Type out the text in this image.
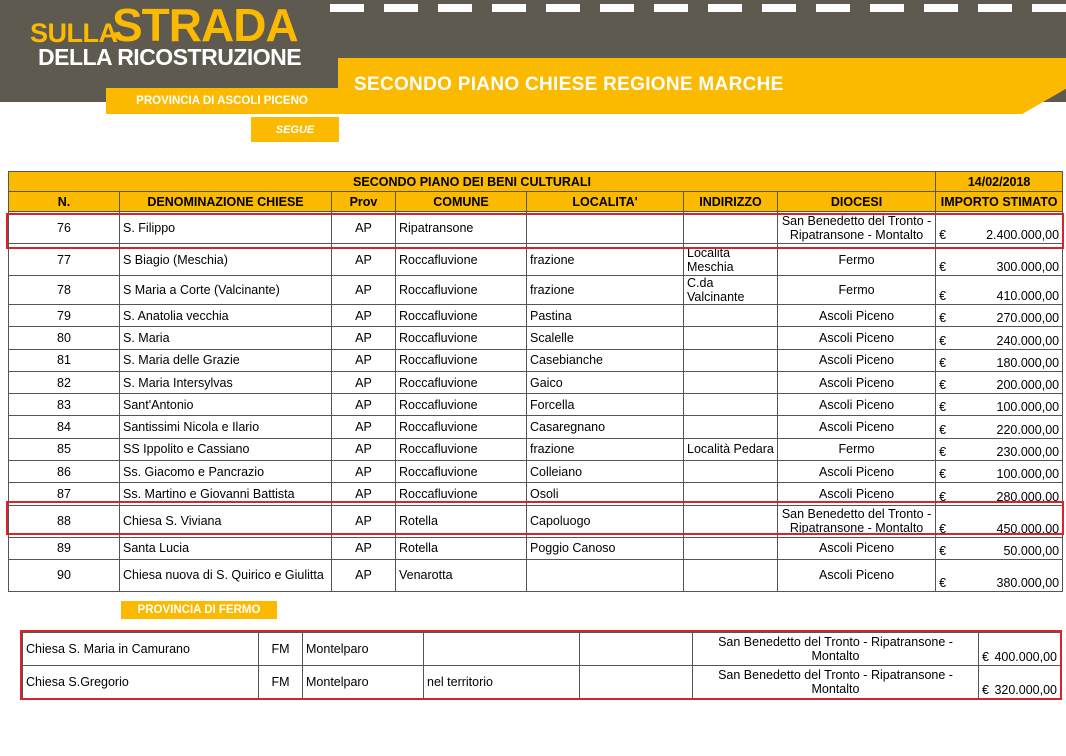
SECONDO PIANO CHIESE REGIONE MARCHE
SULLA
STRADA
DELLA RICOSTRUZIONE
PROVINCIA DI ASCOLI PICENO
SEGUE
SECONDO PIANO DEI BENI CULTURALI							14/02/2018
N.	DENOMINAZIONE CHIESE	Prov	COMUNE	LOCALITA'	INDIRIZZO	DIOCESI	IMPORTO STIMATO
76	S. Filippo	AP	Ripatransone			San Benedetto del Tronto - Ripatransone - Montalto	€ 2.400.000,00

77	S Biagio (Meschia)	AP	Roccafluvione	frazione	Località Meschia	Fermo	€ 300.000,00

78	S Maria a Corte (Valcinante)	AP	Roccafluvione	frazione	C.da Valcinante	Fermo	€ 410.000,00

79	S. Anatolia vecchia	AP	Roccafluvione	Pastina		Ascoli Piceno	€ 270.000,00

80	S. Maria	AP	Roccafluvione	Scalelle		Ascoli Piceno	€ 240.000,00

81	S. Maria delle Grazie	AP	Roccafluvione	Casebianche		Ascoli Piceno	€ 180.000,00

82	S. Maria Intersylvas	AP	Roccafluvione	Gaico		Ascoli Piceno	€ 200.000,00

83	Sant'Antonio	AP	Roccafluvione	Forcella		Ascoli Piceno	€ 100.000,00

84	Santissimi Nicola e Ilario	AP	Roccafluvione	Casaregnano		Ascoli Piceno	€ 220.000,00

85	SS Ippolito e Cassiano	AP	Roccafluvione	frazione	Località Pedara	Fermo	€ 230.000,00

86	Ss. Giacomo e Pancrazio	AP	Roccafluvione	Colleiano		Ascoli Piceno	€ 100.000,00

87	Ss. Martino e Giovanni Battista	AP	Roccafluvione	Osoli		Ascoli Piceno	€ 280.000,00

88	Chiesa S. Viviana	AP	Rotella	Capoluogo		San Benedetto del Tronto - Ripatransone - Montalto	€ 450.000,00

89	Santa Lucia	AP	Rotella	Poggio Canoso		Ascoli Piceno	€ 50.000,00

90	Chiesa nuova di S. Quirico e Giulitta	AP	Venarotta			Ascoli Piceno	€ 380.000,00
PROVINCIA DI FERMO
Chiesa S. Maria in Camurano	FM	Montelparo			San Benedetto del Tronto - Ripatransone - Montalto	€ 400.000,00

Chiesa S.Gregorio	FM	Montelparo	nel territorio		San Benedetto del Tronto - Ripatransone - Montalto	€ 320.000,00
